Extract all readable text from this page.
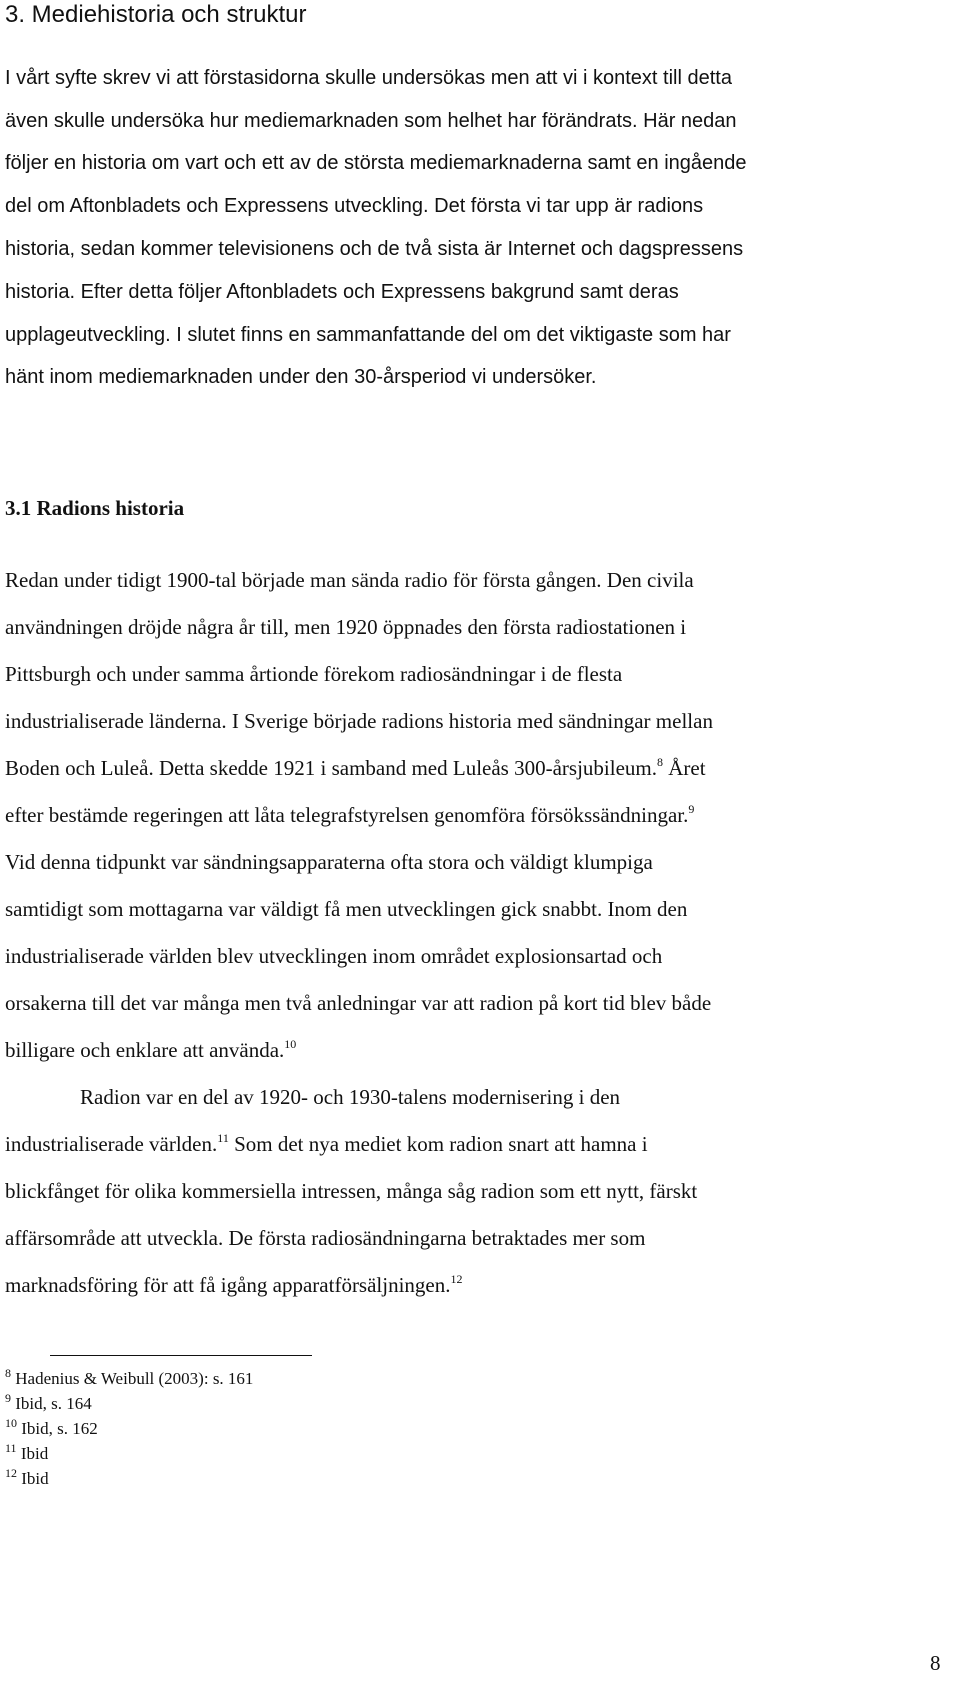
3. Mediehistoria och struktur
I vårt syfte skrev vi att förstasidorna skulle undersökas men att vi i kontext till detta
även skulle undersöka hur mediemarknaden som helhet har förändrats. Här nedan
följer en historia om vart och ett av de största mediemarknaderna samt en ingående
del om Aftonbladets och Expressens utveckling. Det första vi tar upp är radions
historia, sedan kommer televisionens och de två sista är Internet och dagspressens
historia. Efter detta följer Aftonbladets och Expressens bakgrund samt deras
upplageutveckling. I slutet finns en sammanfattande del om det viktigaste som har
hänt inom mediemarknaden under den 30-årsperiod vi undersöker.
3.1 Radions historia
Redan under tidigt 1900-tal började man sända radio för första gången. Den civila
användningen dröjde några år till, men 1920 öppnades den första radiostationen i
Pittsburgh och under samma årtionde förekom radiosändningar i de flesta
industrialiserade länderna. I Sverige började radions historia med sändningar mellan
Boden och Luleå. Detta skedde 1921 i samband med Luleås 300-årsjubileum.$^8$ Året
efter bestämde regeringen att låta telegrafstyrelsen genomföra försökssändningar.$^9$
Vid denna tidpunkt var sändningsapparaterna ofta stora och väldigt klumpiga
samtidigt som mottagarna var väldigt få men utvecklingen gick snabbt. Inom den
industrialiserade världen blev utvecklingen inom området explosionsartad och
orsakerna till det var många men två anledningar var att radion på kort tid blev både
billigare och enklare att använda.$^{10}$
Radion var en del av 1920- och 1930-talens modernisering i den
industrialiserade världen.$^{11}$ Som det nya mediet kom radion snart att hamna i
blickfånget för olika kommersiella intressen, många såg radion som ett nytt, färskt
affärsområde att utveckla. De första radiosändningarna betraktades mer som
marknadsföring för att få igång apparatförsäljningen.$^{12}$
$^8$ Hadenius & Weibull (2003): s. 161
$^9$ Ibid, s. 164
$^{10}$ Ibid, s. 162
$^{11}$ Ibid
$^{12}$ Ibid
8
